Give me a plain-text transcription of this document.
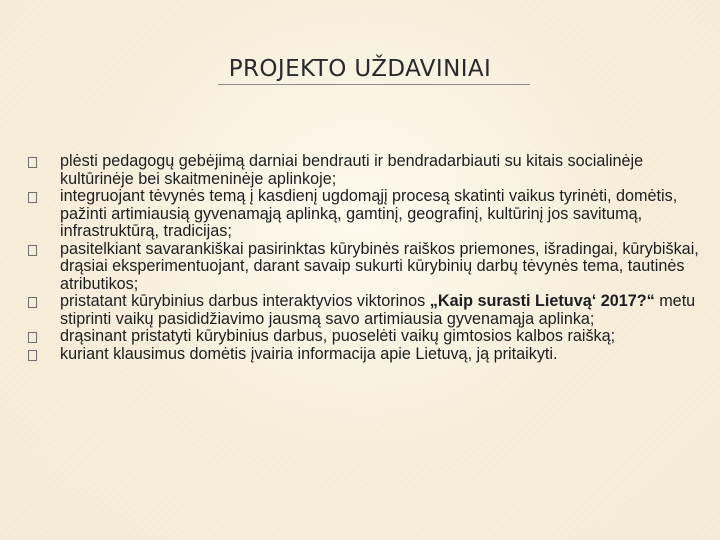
PROJEKTO UŽDAVINIAI
plėsti pedagogų gebėjimą darniai bendrauti ir bendradarbiauti su kitais socialinėje kultūrinėje bei skaitmeninėje aplinkoje;
integruojant tėvynės temą į kasdienį ugdomąjį procesą skatinti vaikus tyrinėti, domėtis, pažinti artimiausią gyvenamąją aplinką, gamtinį, geografinį, kultūrinį jos savitumą, infrastruktūrą, tradicijas;
pasitelkiant savarankiškai pasirinktas kūrybinės raiškos priemones, išradingai, kūrybiškai, drąsiai eksperimentuojant, darant savaip sukurti kūrybinių darbų tėvynės tema, tautinės atributikos;
pristatant kūrybinius darbus interaktyvios viktorinos „Kaip surasti Lietuvą‘ 2017?“ metu stiprinti vaikų pasididžiavimo jausmą savo artimiausia gyvenamąja aplinka;
drąsinant pristatyti kūrybinius darbus, puoselėti vaikų gimtosios kalbos raišką;
kuriant klausimus domėtis įvairia informacija apie Lietuvą, ją pritaikyti.
